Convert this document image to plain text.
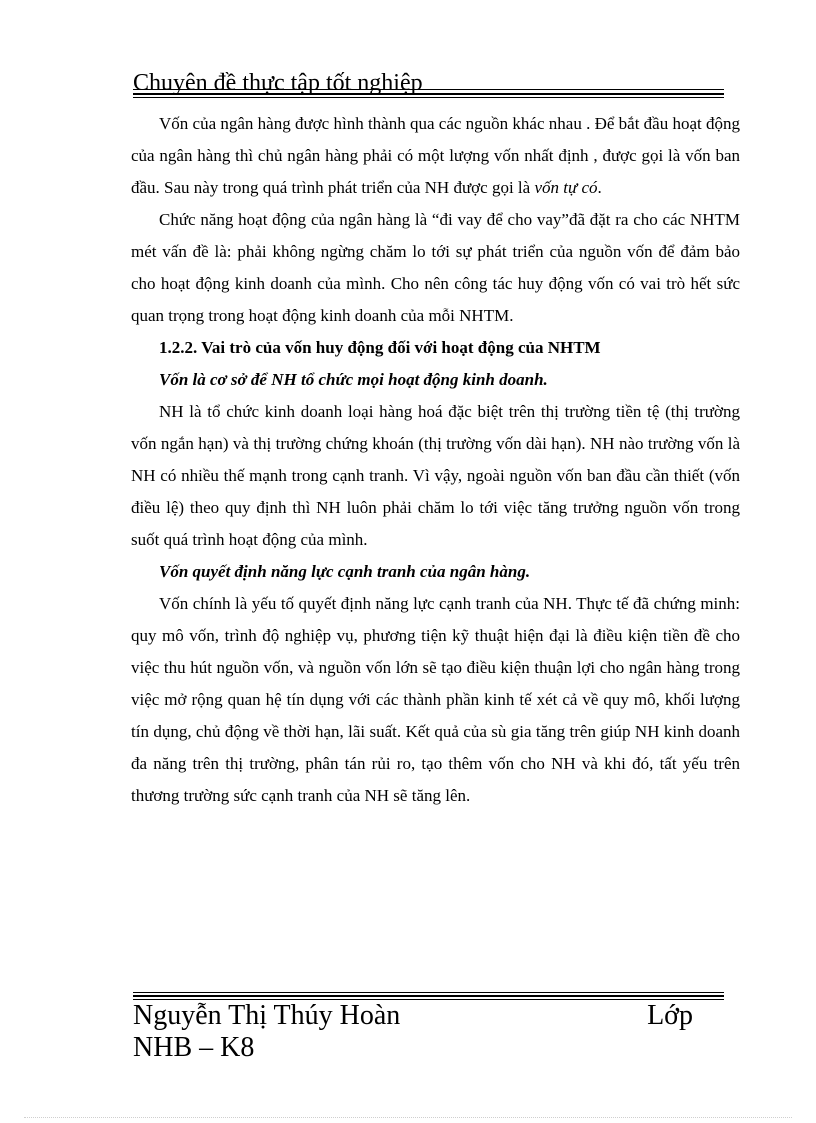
Chuyên đề thực tập tốt nghiệp

Vốn của ngân hàng được hình thành qua các nguồn khác nhau . Để bắt đầu hoạt động của ngân hàng thì chủ ngân hàng phải có một lượng vốn nhất định , được gọi là vốn ban đầu. Sau này trong quá trình phát triển của NH được gọi là vốn tự có.

Chức năng hoạt động của ngân hàng là “đi vay để cho vay”đã đặt ra cho các NHTM mét vấn đề là: phải không ngừng chăm lo tới sự phát triển của nguồn vốn để đảm bảo cho hoạt động kinh doanh của mình. Cho nên công tác huy động vốn có vai trò hết sức quan trọng trong hoạt động kinh doanh của mỗi NHTM.

1.2.2. Vai trò của vốn huy động đối với hoạt động của NHTM
Vốn là cơ sở để NH tổ chức mọi hoạt động kinh doanh.

NH là tổ chức kinh doanh loại hàng hoá đặc biệt trên thị trường tiền tệ (thị trường vốn ngắn hạn) và thị trường chứng khoán (thị trường vốn dài hạn). NH nào trường vốn là NH có nhiều thế mạnh trong cạnh tranh. Vì vậy, ngoài nguồn vốn ban đầu cần thiết (vốn điều lệ) theo quy định thì NH luôn phải chăm lo tới việc tăng trưởng nguồn vốn trong suốt quá trình hoạt động của mình.

Vốn quyết định năng lực cạnh tranh của ngân hàng.

Vốn chính là yếu tố quyết định năng lực cạnh tranh của NH. Thực tế đã chứng minh: quy mô vốn, trình độ nghiệp vụ, phương tiện kỹ thuật hiện đại là điều kiện tiền đề cho việc thu hút nguồn vốn, và nguồn vốn lớn sẽ tạo điều kiện thuận lợi cho ngân hàng trong việc mở rộng quan hệ tín dụng với các thành phần kinh tế xét cả về quy mô, khối lượng tín dụng, chủ động về thời hạn, lãi suất. Kết quả của sù gia tăng trên giúp NH kinh doanh đa năng trên thị trường, phân tán rủi ro, tạo thêm vốn cho NH và khi đó, tất yếu trên thương trường sức cạnh tranh của NH sẽ tăng lên.

Nguyễn Thị Thúy Hoàn	Lớp
NHB – K8
